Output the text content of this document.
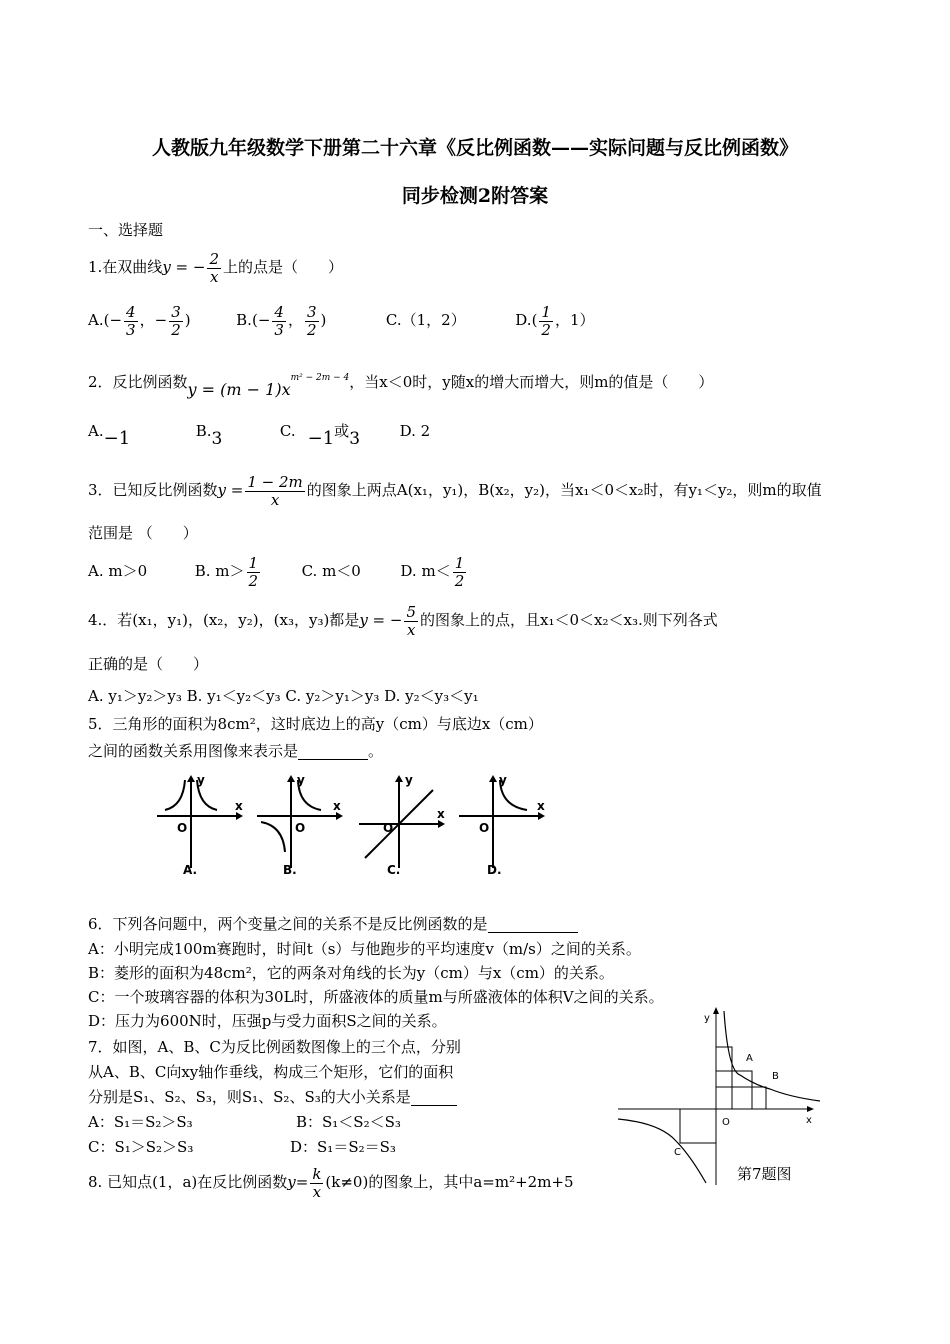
人教版九年级数学下册第二十六章《反比例函数——实际问题与反比例函数》
同步检测2附答案
一、选择题
1.在双曲线y = − $\frac{2}{x}$ 上的点是（　　）
$A.(- \frac{4}{3}$ ，− $\frac{3}{2}$ )	$B.(- \frac{4}{3}$ ， $\frac{3}{2}$ )	C.（1，2）	$D.( \frac{1}{2}$ ，1）
2．反比例函数$y = (m - 1)x^{m^2 - 2m - 4}$，当x＜0时，y随x的增大而增大，则m的值是（　　）
A.−1	B.3	C. −1或3	D. 2
3．已知反比例函数$y = \frac{1 - 2m}{x}$ 的图象上两点A(x₁，y₁)，B(x₂，y₂)，当x₁＜0＜x₂时，有y₁＜y₂，则m的取值
范围是 （　　）
A. m＞0	B. $m> \frac{1}{2}$	C. m＜0	D. $m< \frac{1}{2}$
4.．若(x₁，y₁)，(x₂，y₂)，(x₃，y₃)都是y = − $\frac{5}{x}$ 的图象上的点，且x₁＜0＜x₂＜x₃.则下列各式
正确的是（　　）
A. y₁＞y₂＞y₃ B. y₁＜y₂＜y₃ C. y₂＞y₁＞y₃ D. y₂＜y₃＜y₁
5．三角形的面积为8cm²，这时底边上的高y（cm）与底边x（cm）
之间的函数关系用图像来表示是	。
y
x
O
A.
y
x
O
B.
y
x
O
C.
y
x
O
D.
6．下列各问题中，两个变量之间的关系不是反比例函数的是
A：小明完成100m赛跑时，时间t（s）与他跑步的平均速度v（m/s）之间的关系。
B：菱形的面积为48cm²，它的两条对角线的长为y（cm）与x（cm）的关系。
C：一个玻璃容器的体积为30L时，所盛液体的质量m与所盛液体的体积V之间的关系。
D：压力为600N时，压强p与受力面积S之间的关系。
7．如图，A、B、C为反比例函数图像上的三个点，分别
从A、B、C向xy轴作垂线，构成三个矩形，它们的面积
分别是S₁、S₂、S₃，则S₁、S₂、S₃的大小关系是
A：S₁＝S₂＞S₃	B：S₁＜S₂＜S₃
C：S₁＞S₂＞S₃	D：S₁＝S₂＝S₃
y
x
O
A
B
C
第7题图
8. 已知点(1，a)在反比例函数$y= \frac{k}{x} (k\ne 0)$的图象上，其中a=m²+2m+5
